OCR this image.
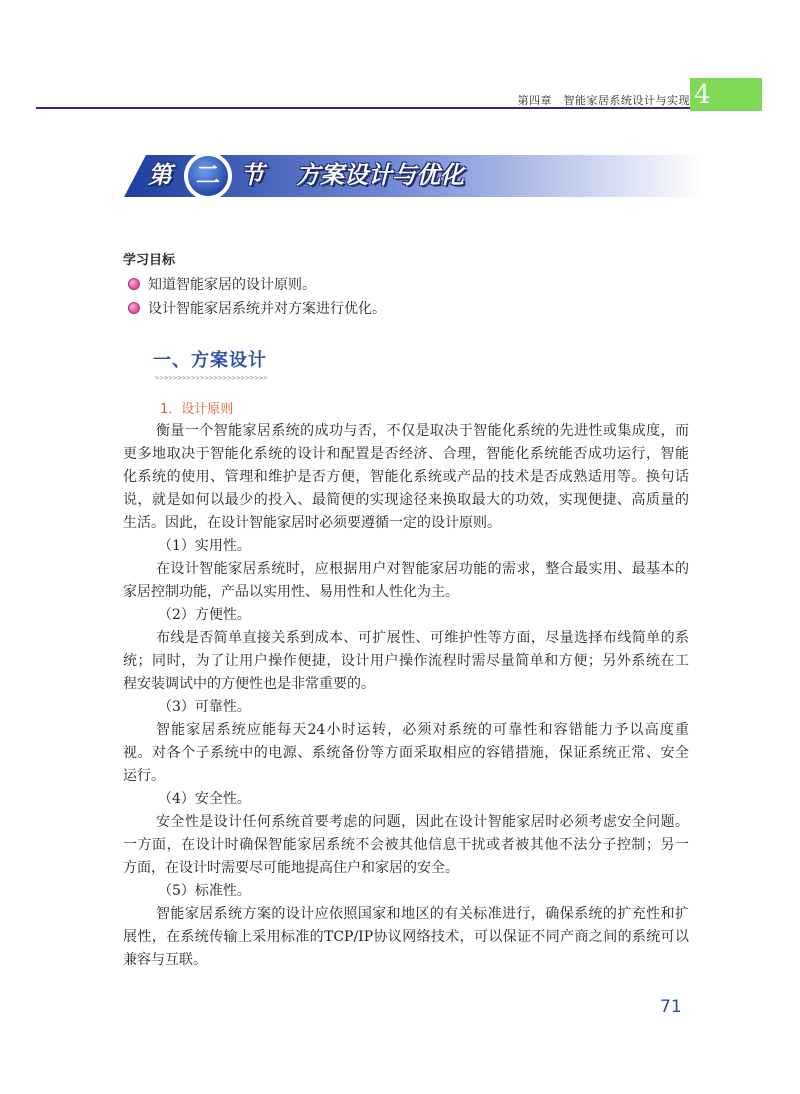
第四章　智能家居系统设计与实现 4
第	二 节 方案设计与优化
学习目标
知道智能家居的设计原则。
设计智能家居系统并对方案进行优化。
一、方案设计
>>>>>>>>>>>>>>>>>>>>>>>>>
1．设计原则
衡量一个智能家居系统的成功与否，不仅是取决于智能化系统的先进性或集成度，而
更多地取决于智能化系统的设计和配置是否经济、合理，智能化系统能否成功运行，智能
化系统的使用、管理和维护是否方便，智能化系统或产品的技术是否成熟适用等。换句话
说，就是如何以最少的投入、最简便的实现途径来换取最大的功效，实现便捷、高质量的
生活。因此，在设计智能家居时必须要遵循一定的设计原则。
（1）实用性。
在设计智能家居系统时，应根据用户对智能家居功能的需求，整合最实用、最基本的
家居控制功能，产品以实用性、易用性和人性化为主。
（2）方便性。
布线是否简单直接关系到成本、可扩展性、可维护性等方面，尽量选择布线简单的系
统；同时，为了让用户操作便捷，设计用户操作流程时需尽量简单和方便；另外系统在工
程安装调试中的方便性也是非常重要的。
（3）可靠性。
智能家居系统应能每天24小时运转，必须对系统的可靠性和容错能力予以高度重
视。对各个子系统中的电源、系统备份等方面采取相应的容错措施，保证系统正常、安全
运行。
（4）安全性。
安全性是设计任何系统首要考虑的问题，因此在设计智能家居时必须考虑安全问题。
一方面，在设计时确保智能家居系统不会被其他信息干扰或者被其他不法分子控制；另一
方面，在设计时需要尽可能地提高住户和家居的安全。
（5）标准性。
智能家居系统方案的设计应依照国家和地区的有关标准进行，确保系统的扩充性和扩
展性，在系统传输上采用标准的TCP/IP协议网络技术，可以保证不同产商之间的系统可以
兼容与互联。
71
